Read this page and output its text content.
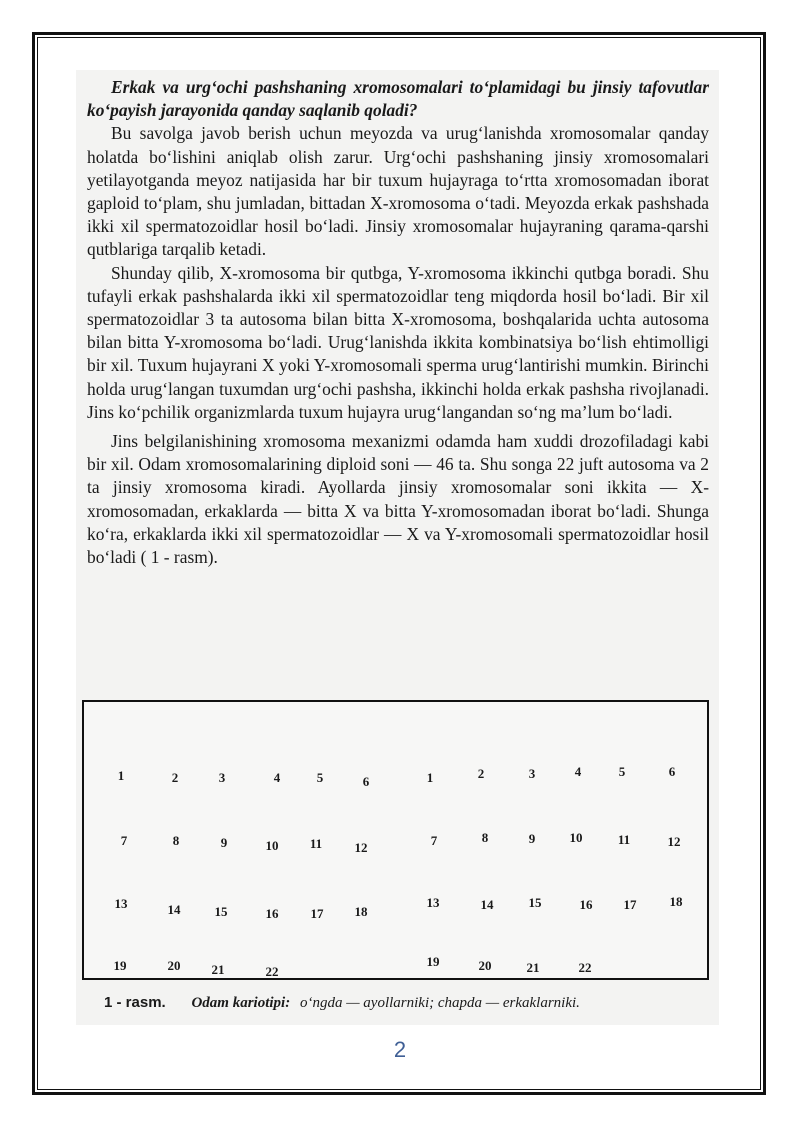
Erkak va urg‘ochi pashshaning xromosomalari to‘plamidagi bu jinsiy tafovutlar ko‘payish jarayonida qanday saqlanib qoladi?

Bu savolga javob berish uchun meyozda va urug‘lanishda xromosomalar qanday holatda bo‘lishini aniqlab olish zarur. Urg‘ochi pashshaning jinsiy xromosomalari yetilayotganda meyoz natijasida har bir tuxum hujayraga to‘rtta xromosomadan iborat gaploid to‘plam, shu jumladan, bittadan X-xromosoma o‘tadi. Meyozda erkak pashshada ikki xil spermatozoidlar hosil bo‘ladi. Jinsiy xromosomalar hujayraning qarama-qarshi qutblariga tarqalib ketadi.

Shunday qilib, X-xromosoma bir qutbga, Y-xromosoma ikkinchi qutbga boradi. Shu tufayli erkak pashshalarda ikki xil spermatozoidlar teng miqdorda hosil bo‘ladi. Bir xil spermatozoidlar 3 ta autosoma bilan bitta X-xromosoma, boshqalarida uchta autosoma bilan bitta Y-xromosoma bo‘ladi. Urug‘lanishda ikkita kombinatsiya bo‘lish ehtimolligi bir xil. Tuxum hujayrani X yoki Y-xromosomali sperma urug‘lantirishi mumkin. Birinchi holda urug‘langan tuxumdan urg‘ochi pashsha, ikkinchi holda erkak pashsha rivojlanadi. Jins ko‘pchilik organizmlarda tuxum hujayra urug‘langandan so‘ng ma’lum bo‘ladi.

Jins belgilanishining xromosoma mexanizmi odamda ham xuddi drozofiladagi kabi bir xil. Odam xromosomalarining diploid soni — 46 ta. Shu songa 22 juft autosoma va 2 ta jinsiy xromosoma kiradi. Ayollarda jinsiy xromosomalar soni ikkita — X-xromosomadan, erkaklarda — bitta X va bitta Y-xromosomadan iborat bo‘ladi. Shunga ko‘ra, erkaklarda ikki xil spermatozoidlar — X va Y-xromosomali spermatozoidlar hosil bo‘ladi ( 1 - rasm).

1	2	3	4	5	6
7	8	9	10 11 12
13	14	15	16 17 18
19	20 21	22
1	2	3	4	5	6
7	8	9	10	11	12
13	14	15	16 17	18
19	20	21	22
1 - rasm. Odam kariotipi: o‘ngda — ayollarniki; chapda — erkaklarniki.
2
